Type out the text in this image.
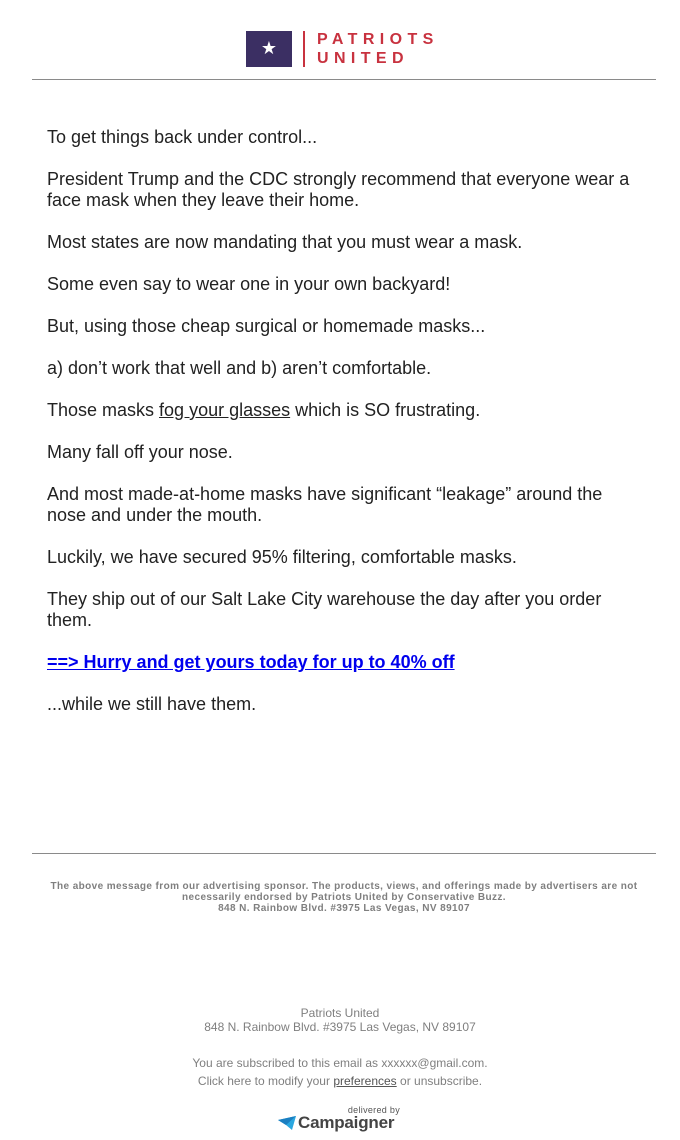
★ PATRIOTS
UNITED

To get things back under control...

President Trump and the CDC strongly recommend that everyone wear a face mask when they leave their home.

Most states are now mandating that you must wear a mask.

Some even say to wear one in your own backyard!

But, using those cheap surgical or homemade masks...

a) don’t work that well and b) aren’t comfortable.

Those masks fog your glasses which is SO frustrating.

Many fall off your nose.

And most made-at-home masks have significant “leakage” around the nose and under the mouth.

Luckily, we have secured 95% filtering, comfortable masks.

They ship out of our Salt Lake City warehouse the day after you order them.

==> Hurry and get yours today for up to 40% off

...while we still have them.

The above message from our advertising sponsor. The products, views, and offerings made by advertisers are not necessarily endorsed by Patriots United by Conservative Buzz.
848 N. Rainbow Blvd. #3975 Las Vegas, NV 89107
Patriots United
848 N. Rainbow Blvd. #3975 Las Vegas, NV 89107
You are subscribed to this email as xxxxxx@gmail.com.
Click here to modify your preferences or unsubscribe.
delivered by
Campaigner
